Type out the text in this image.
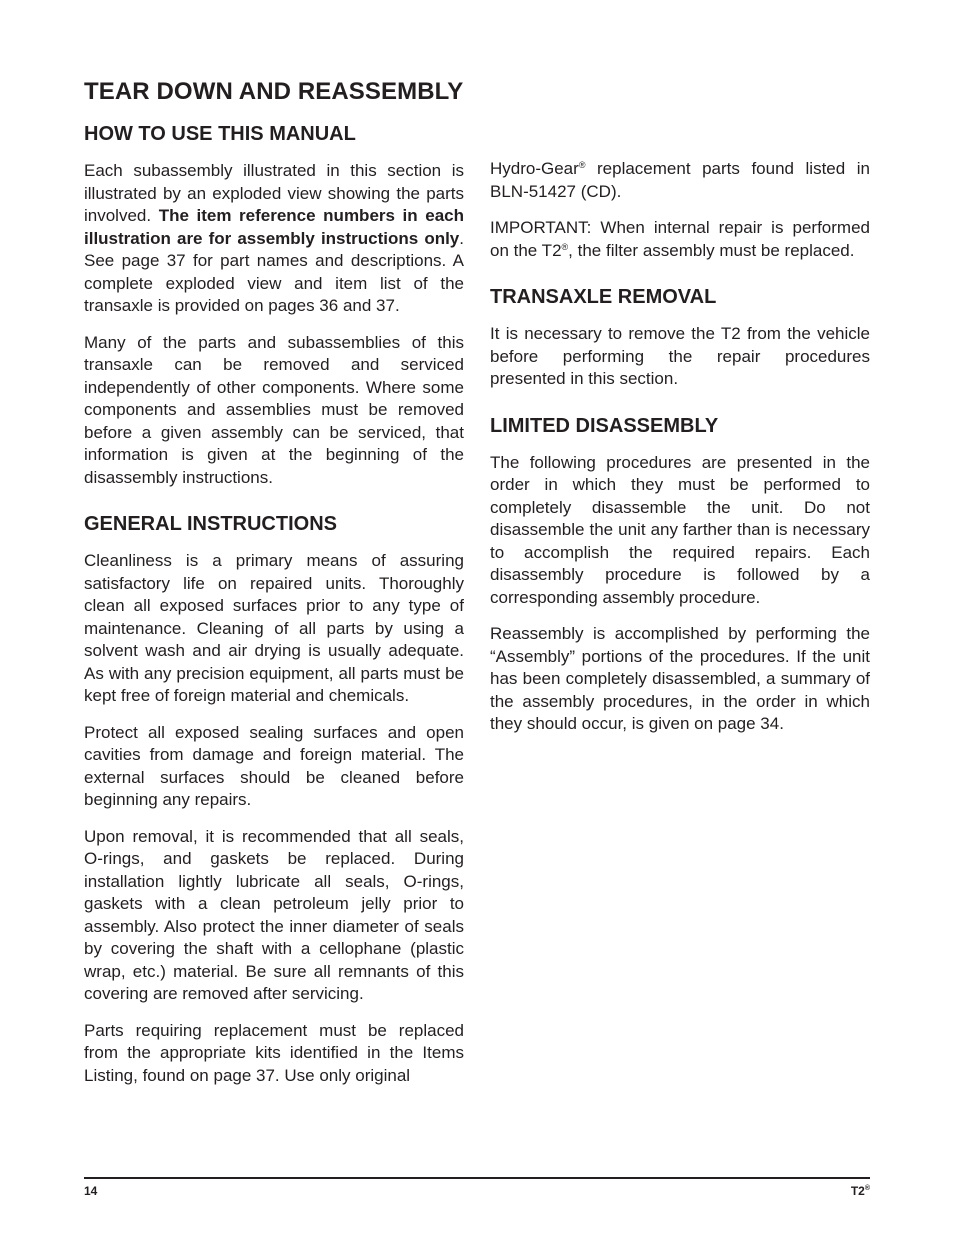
TEAR DOWN AND REASSEMBLY
HOW TO USE THIS MANUAL

Each subassembly illustrated in this section is illustrated by an exploded view showing the parts involved. The item reference numbers in each illustration are for assembly instructions only. See page 37 for part names and descriptions. A complete exploded view and item list of the transaxle is provided on pages 36 and 37.

Many of the parts and subassemblies of this transaxle can be removed and serviced independently of other components. Where some components and assemblies must be removed before a given assembly can be serviced, that information is given at the beginning of the disassembly instructions.

GENERAL INSTRUCTIONS

Cleanliness is a primary means of assuring satisfactory life on repaired units. Thoroughly clean all exposed surfaces prior to any type of maintenance. Cleaning of all parts by using a solvent wash and air drying is usually adequate. As with any precision equipment, all parts must be kept free of foreign material and chemicals.

Protect all exposed sealing surfaces and open cavities from damage and foreign material. The external surfaces should be cleaned before beginning any repairs.

Upon removal, it is recommended that all seals, O-rings, and gaskets be replaced. During installation lightly lubricate all seals, O-rings, gaskets with a clean petroleum jelly prior to assembly. Also protect the inner diameter of seals by covering the shaft with a cellophane (plastic wrap, etc.) material. Be sure all remnants of this covering are removed after servicing.

Parts requiring replacement must be replaced from the appropriate kits identified in the Items Listing, found on page 37. Use only original

Hydro-Gear® replacement parts found listed in BLN-51427 (CD).

IMPORTANT: When internal repair is performed on the T2®, the filter assembly must be replaced.

TRANSAXLE REMOVAL

It is necessary to remove the T2 from the vehicle before performing the repair procedures presented in this section.

LIMITED DISASSEMBLY

The following procedures are presented in the order in which they must be performed to completely disassemble the unit. Do not disassemble the unit any farther than is necessary to accomplish the required repairs. Each disassembly procedure is followed by a corresponding assembly procedure.

Reassembly is accomplished by performing the “Assembly” portions of the procedures. If the unit has been completely disassembled, a summary of the assembly procedures, in the order in which they should occur, is given on page 34.

14	T2®
